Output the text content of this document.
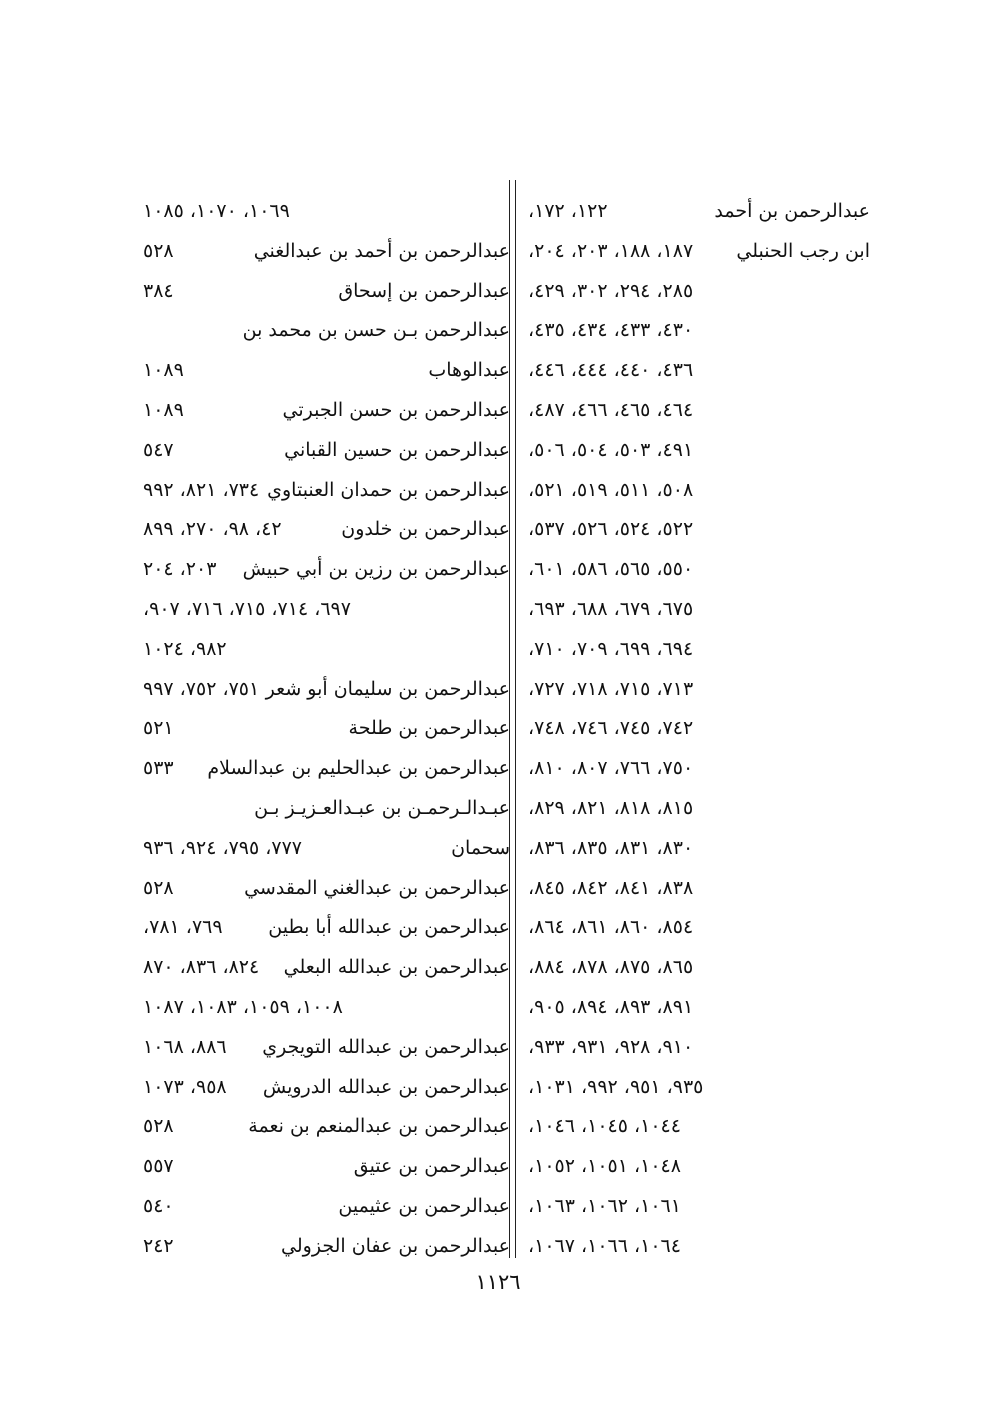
عبدالرحمن بن أحمد
١٢٢، ١٧٢،
ابن رجب الحنبلي
١٨٧، ١٨٨، ٢٠٣، ٢٠٤،
٢٨٥، ٢٩٤، ٣٠٢، ٤٢٩،
٤٣٠، ٤٣٣، ٤٣٤، ٤٣٥،
٤٣٦، ٤٤٠، ٤٤٤، ٤٤٦،
٤٦٤، ٤٦٥، ٤٦٦، ٤٨٧،
٤٩١، ٥٠٣، ٥٠٤، ٥٠٦،
٥٠٨، ٥١١، ٥١٩، ٥٢١،
٥٢٢، ٥٢٤، ٥٢٦، ٥٣٧،
٥٥٠، ٥٦٥، ٥٨٦، ٦٠١،
٦٧٥، ٦٧٩، ٦٨٨، ٦٩٣،
٦٩٤، ٦٩٩، ٧٠٩، ٧١٠،
٧١٣، ٧١٥، ٧١٨، ٧٢٧،
٧٤٢، ٧٤٥، ٧٤٦، ٧٤٨،
٧٥٠، ٧٦٦، ٨٠٧، ٨١٠،
٨١٥، ٨١٨، ٨٢١، ٨٢٩،
٨٣٠، ٨٣١، ٨٣٥، ٨٣٦،
٨٣٨، ٨٤١، ٨٤٢، ٨٤٥،
٨٥٤، ٨٦٠، ٨٦١، ٨٦٤،
٨٦٥، ٨٧٥، ٨٧٨، ٨٨٤،
٨٩١، ٨٩٣، ٨٩٤، ٩٠٥،
٩١٠، ٩٢٨، ٩٣١، ٩٣٣،
٩٣٥، ٩٥١، ٩٩٢، ١٠٣١،
١٠٤٤، ١٠٤٥، ١٠٤٦،
١٠٤٨، ١٠٥١، ١٠٥٢،
١٠٦١، ١٠٦٢، ١٠٦٣،
١٠٦٤، ١٠٦٦، ١٠٦٧،
١٠٦٩، ١٠٧٠، ١٠٨٥
عبدالرحمن بن أحمد بن عبدالغني
٥٢٨
عبدالرحمن بن إسحاق
٣٨٤
عبدالرحمن بـن حسن بن محمد بن
عبدالوهاب
١٠٨٩
عبدالرحمن بن حسن الجبرتي
١٠٨٩
عبدالرحمن بن حسين القباني
٥٤٧
عبدالرحمن بن حمدان العنبتاوي
٧٣٤، ٨٢١، ٩٩٢
عبدالرحمن بن خلدون
٤٢، ٩٨، ٢٧٠، ٨٩٩
عبدالرحمن بن رزين بن أبي حبيش
٢٠٣، ٢٠٤
٦٩٧، ٧١٤، ٧١٥، ٧١٦، ٩٠٧،
٩٨٢، ١٠٢٤
عبدالرحمن بن سليمان أبو شعر
٧٥١، ٧٥٢، ٩٩٧
عبدالرحمن بن طلحة
٥٢١
عبدالرحمن بن عبدالحليم بن عبدالسلام
٥٣٣
عبـدالـرحمـن بن عبـدالعـزيـز بـن
سحمان
٧٧٧، ٧٩٥، ٩٢٤، ٩٣٦
عبدالرحمن بن عبدالغني المقدسي
٥٢٨
عبدالرحمن بن عبدالله أبا بطين
٧٦٩، ٧٨١،
عبدالرحمن بن عبدالله البعلي
٨٢٤، ٨٣٦، ٨٧٠
١٠٠٨، ١٠٥٩، ١٠٨٣، ١٠٨٧
عبدالرحمن بن عبدالله التويجري
٨٨٦، ١٠٦٨
عبدالرحمن بن عبدالله الدرويش
٩٥٨، ١٠٧٣
عبدالرحمن بن عبدالمنعم بن نعمة
٥٢٨
عبدالرحمن بن عتيق
٥٥٧
عبدالرحمن بن عثيمين
٥٤٠
عبدالرحمن بن عفان الجزولي
٢٤٢
١١٢٦
